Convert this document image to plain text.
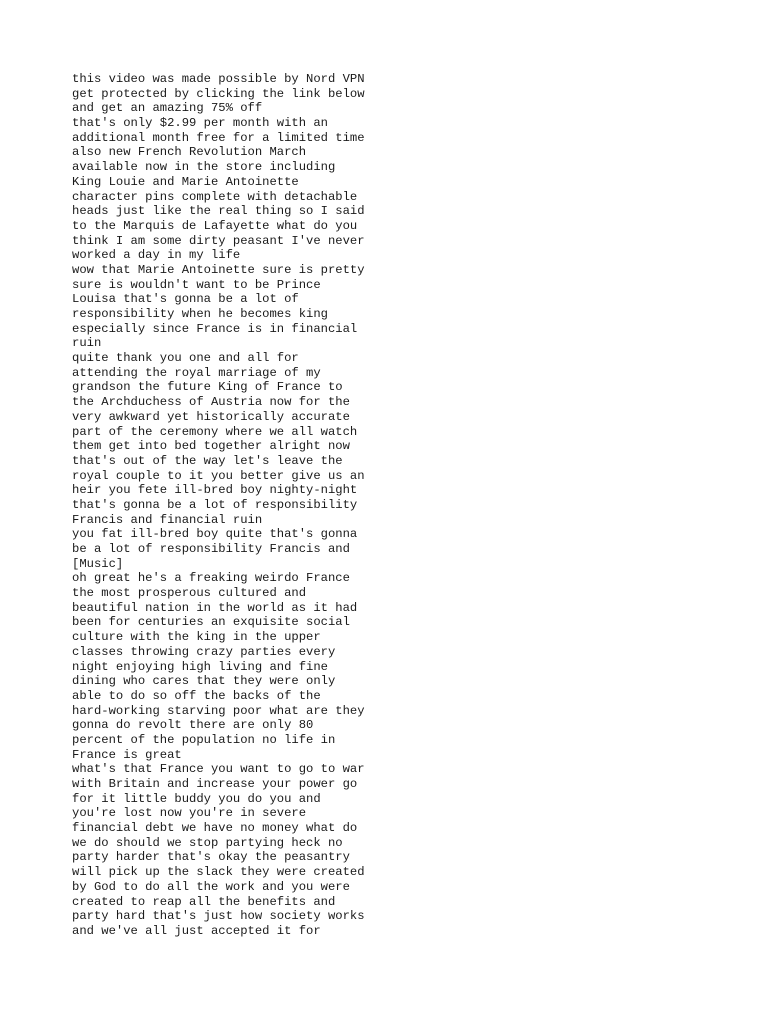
this video was made possible by Nord VPN
get protected by clicking the link below
and get an amazing 75% off
that's only $2.99 per month with an
additional month free for a limited time
also new French Revolution March
available now in the store including
King Louie and Marie Antoinette
character pins complete with detachable
heads just like the real thing so I said
to the Marquis de Lafayette what do you
think I am some dirty peasant I've never
worked a day in my life
wow that Marie Antoinette sure is pretty
sure is wouldn't want to be Prince
Louisa that's gonna be a lot of
responsibility when he becomes king
especially since France is in financial
ruin
quite thank you one and all for
attending the royal marriage of my
grandson the future King of France to
the Archduchess of Austria now for the
very awkward yet historically accurate
part of the ceremony where we all watch
them get into bed together alright now
that's out of the way let's leave the
royal couple to it you better give us an
heir you fete ill-bred boy nighty-night
that's gonna be a lot of responsibility
Francis and financial ruin
you fat ill-bred boy quite that's gonna
be a lot of responsibility Francis and
[Music]
oh great he's a freaking weirdo France
the most prosperous cultured and
beautiful nation in the world as it had
been for centuries an exquisite social
culture with the king in the upper
classes throwing crazy parties every
night enjoying high living and fine
dining who cares that they were only
able to do so off the backs of the
hard-working starving poor what are they
gonna do revolt there are only 80
percent of the population no life in
France is great
what's that France you want to go to war
with Britain and increase your power go
for it little buddy you do you and
you're lost now you're in severe
financial debt we have no money what do
we do should we stop partying heck no
party harder that's okay the peasantry
will pick up the slack they were created
by God to do all the work and you were
created to reap all the benefits and
party hard that's just how society works
and we've all just accepted it for
